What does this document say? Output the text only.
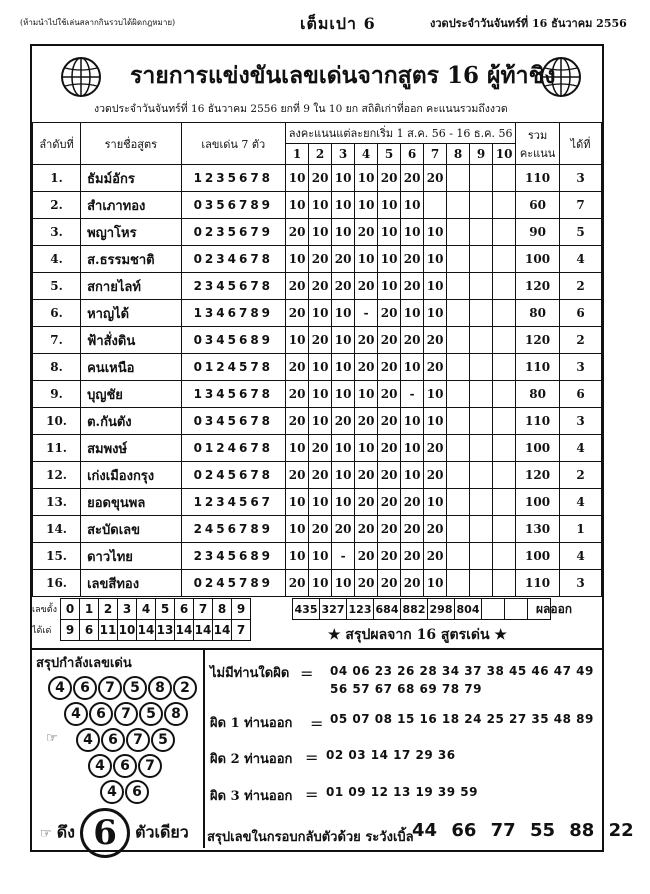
(ห้ามนำไปใช้เล่นสลากกินรวบได้ผิดกฎหมาย)	เต็มเปา 6	งวดประจำวันจันทร์ที่ 16 ธันวาคม 2556
รายการแข่งขันเลขเด่นจากสูตร 16 ผู้ท้าชิง
งวดประจำวันจันทร์ที่ 16 ธันวาคม 2556 ยกที่ 9 ใน 10 ยก สถิติเก่าที่ออก คะแนนรวมถึงงวด
ลำดับที่	รายชื่อสูตร	เลขเด่น 7 ตัว	ลงคะแนนแต่ละยกเริ่ม 1 ส.ค. 56 - 16 ธ.ค. 56										รวม
คะแนน	ได้ที่
			1	2	3	4	5	6	7	8	9	10		
1.	ธัมม์อักร	1235678	10	20	10	10	20	20	20				110	3
2.	สำเภาทอง	0356789	10	10	10	10	10	10					60	7
3.	พญาโหร	0235679	20	10	10	20	10	10	10				90	5
4.	ส.ธรรมชาติ	0234678	10	20	20	10	10	20	10				100	4
5.	สกายไลท์	2345678	20	20	20	20	10	20	10				120	2
6.	หาญได้	1346789	20	10	10	-	20	10	10				80	6
7.	ฟ้าสั่งดิน	0345689	10	20	10	20	20	20	20				120	2
8.	คนเหนือ	0124578	20	10	10	20	20	10	20				110	3
9.	บุญชัย	1345678	20	10	10	10	20	-	10				80	6
10.	ต.กันตัง	0345678	20	10	20	20	20	10	10				110	3
11.	สมพงษ์	0124678	10	20	10	10	20	10	20				100	4
12.	เก่งเมืองกรุง	0245678	20	20	10	20	20	10	20				120	2
13.	ยอดขุนพล	1234567	10	10	10	20	20	20	10				100	4
14.	สะบัดเลข	2456789	10	20	20	20	20	20	20				130	1
15.	ดาวไทย	2345689	10	10	-	20	20	20	20				100	4
16.	เลขสีทอง	0245789	20	10	10	20	20	20	10				110	3
เลขตั้ง	0	1	2	3	4	5	6	7	8	9
ได้เด่	9	6	11	10	14	13	14	14	14	7
435	327	123	684	882	298	804				ผลออก
★ สรุปผลจาก 16 สูตรเด่น ★
สรุปกำลังเลขเด่น
4 6 7 5 8 2
4 6 7 5 8
4 6 7 5
4 6 7
4 6
☞
☞ ดึง 6 ตัวเดียว
ไม่มีท่านใดผิด = 04 06 23 26 28 34 37 38 45 46 47 49
56 57 67 68 69 78 79
ผิด 1 ท่านออก = 05 07 08 15 16 18 24 25 27 35 48 89
ผิด 2 ท่านออก = 02 03 14 17 29 36
ผิด 3 ท่านออก = 01 09 12 13 19 39 59
สรุปเลขในกรอบกลับตัวด้วย ระวังเบิ้ล
44 66 77 55 88 22
